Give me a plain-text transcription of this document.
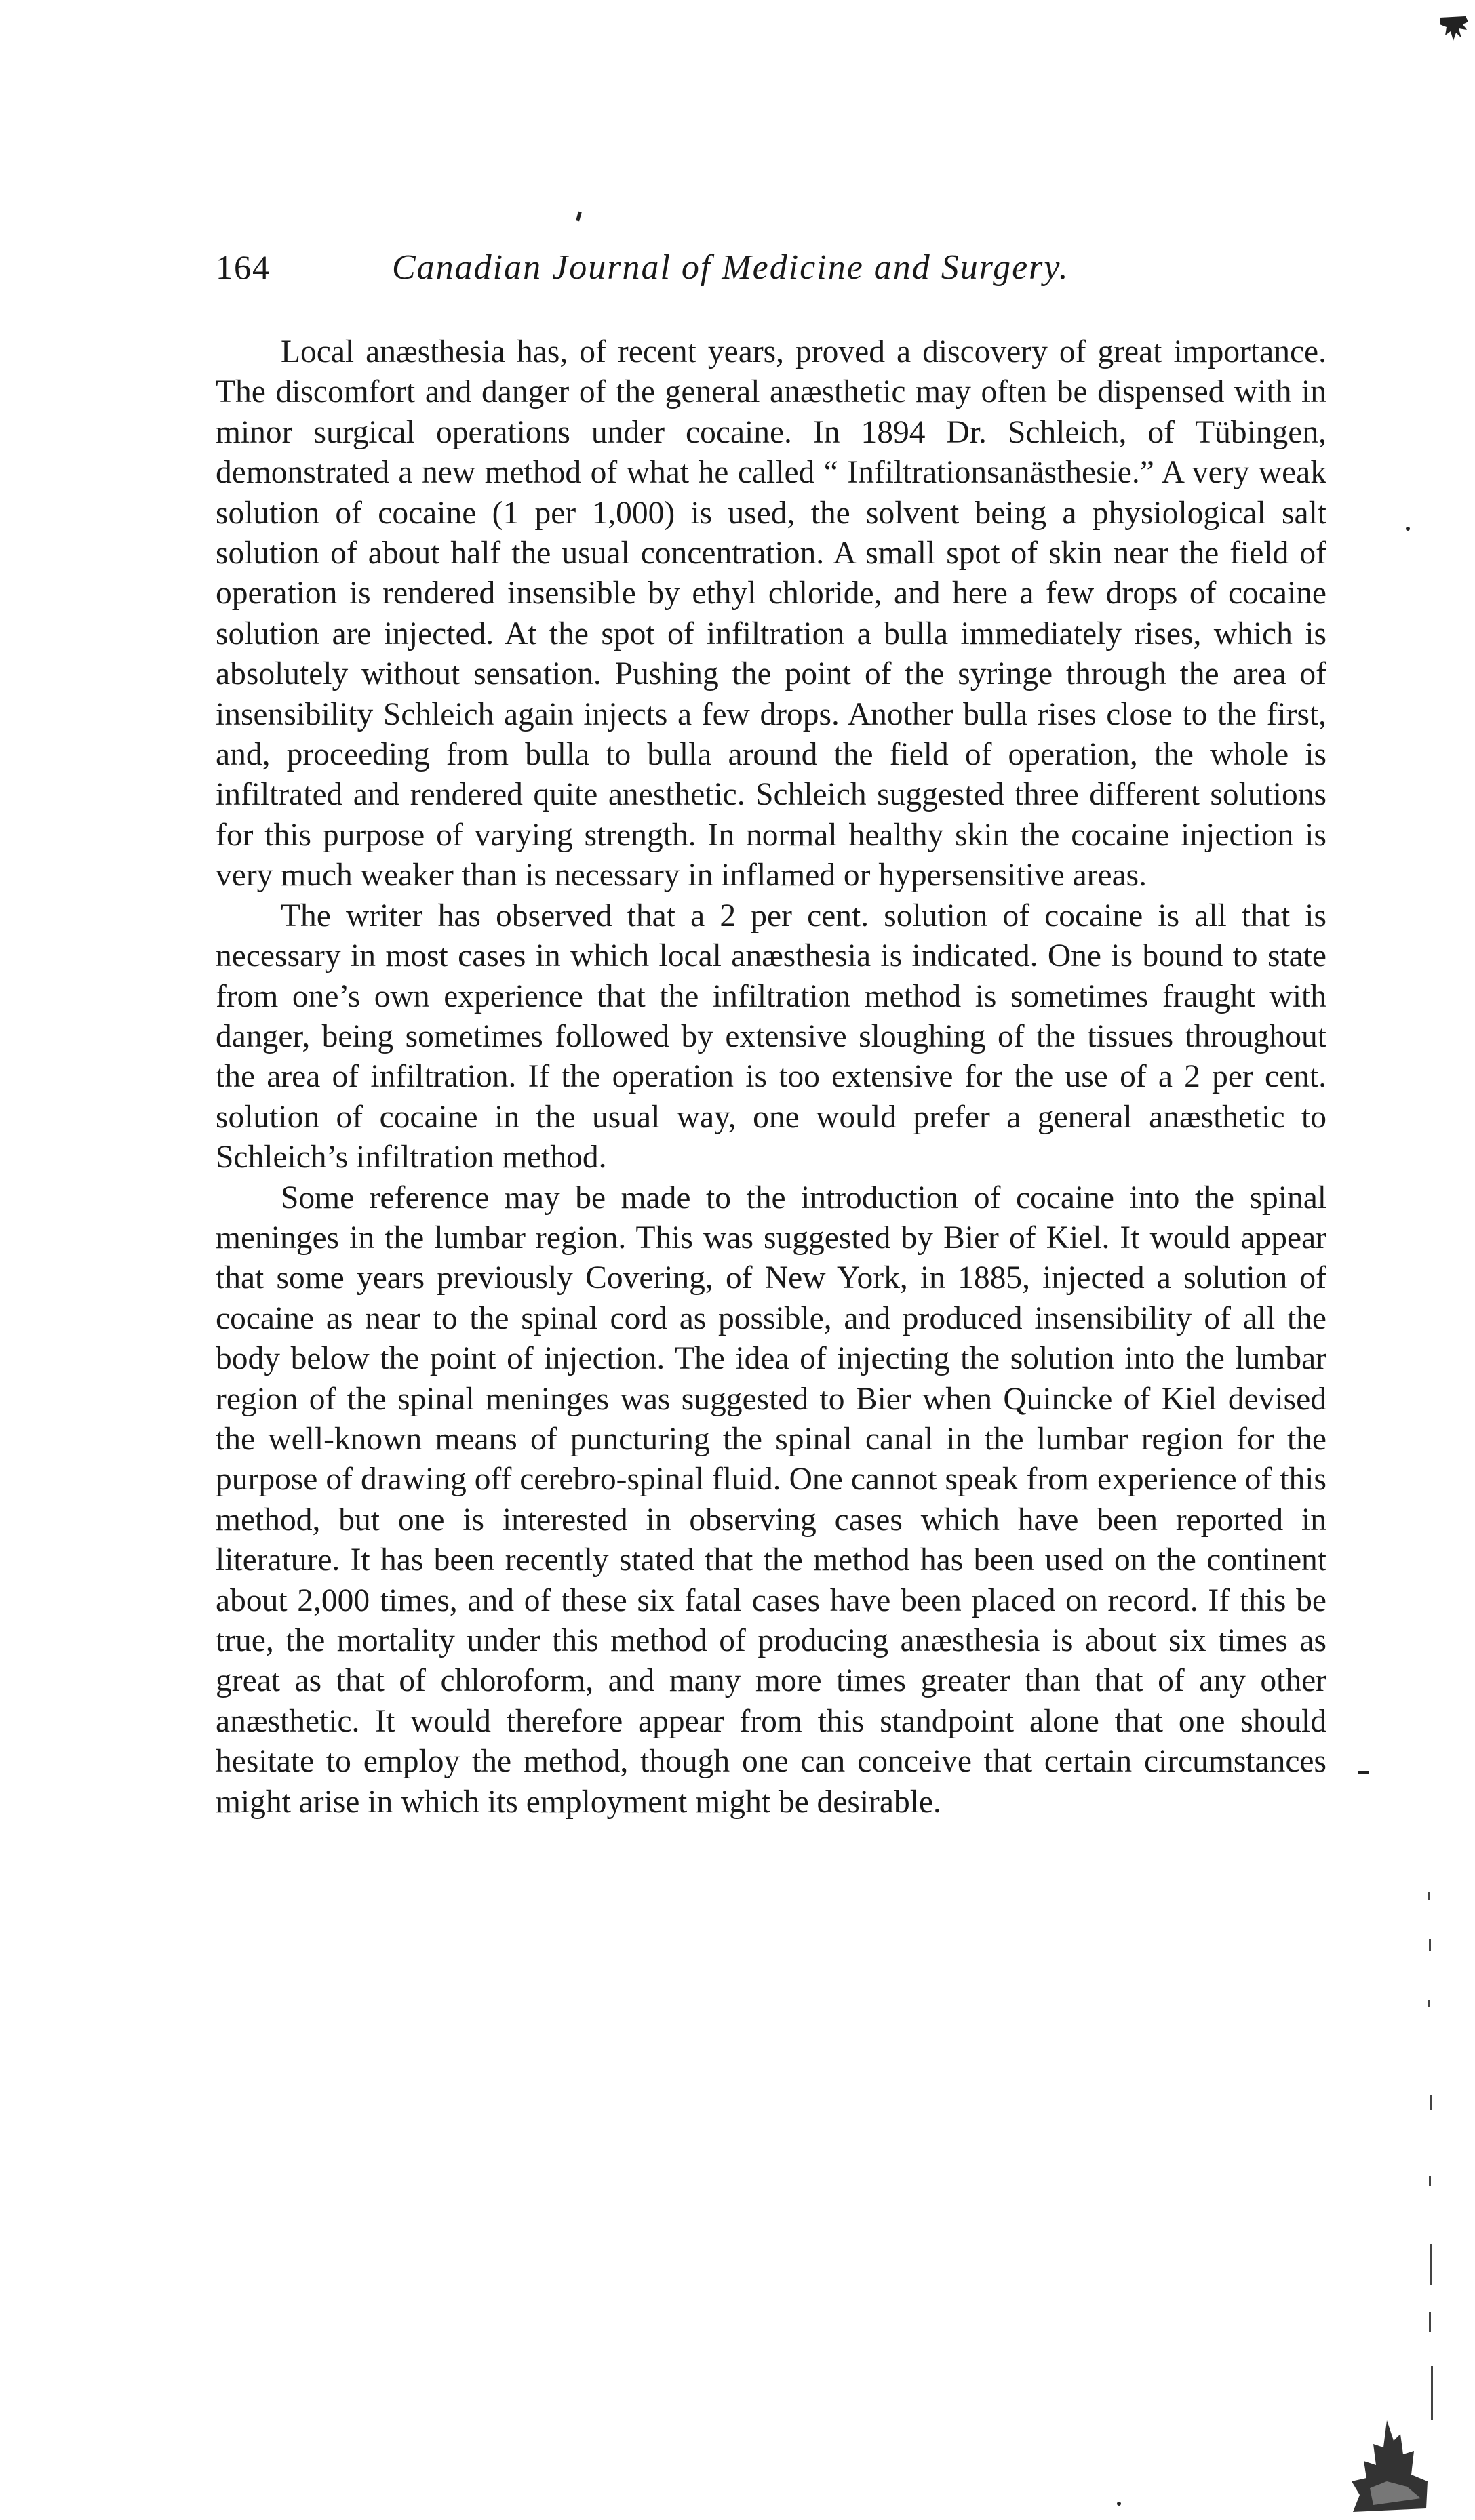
164	Canadian Journal of Medicine and Surgery.

Local anæsthesia has, of recent years, proved a discovery of great importance. The discomfort and danger of the general anæsthetic may often be dispensed with in minor surgical operations under cocaine. In 1894 Dr. Schleich, of Tübingen, demonstrated a new method of what he called “ Infiltrationsanästhesie.” A very weak solution of cocaine (1 per 1,000) is used, the solvent being a physiological salt solution of about half the usual concentration. A small spot of skin near the field of operation is rendered insensible by ethyl chloride, and here a few drops of cocaine solution are injected. At the spot of infiltration a bulla immediately rises, which is absolutely without sensation. Pushing the point of the syringe through the area of insensibility Schleich again injects a few drops. Another bulla rises close to the first, and, proceeding from bulla to bulla around the field of operation, the whole is infiltrated and rendered quite anesthetic. Schleich suggested three different solutions for this purpose of varying strength. In normal healthy skin the cocaine injection is very much weaker than is necessary in inflamed or hypersensitive areas.

The writer has observed that a 2 per cent. solution of cocaine is all that is necessary in most cases in which local anæsthesia is indicated. One is bound to state from one’s own experience that the infiltration method is sometimes fraught with danger, being sometimes followed by extensive sloughing of the tissues throughout the area of infiltration. If the operation is too extensive for the use of a 2 per cent. solution of cocaine in the usual way, one would prefer a general anæsthetic to Schleich’s infiltration method.

Some reference may be made to the introduction of cocaine into the spinal meninges in the lumbar region. This was suggested by Bier of Kiel. It would appear that some years previously Covering, of New York, in 1885, injected a solution of cocaine as near to the spinal cord as possible, and produced insensibility of all the body below the point of injection. The idea of injecting the solution into the lumbar region of the spinal meninges was suggested to Bier when Quincke of Kiel devised the well-known means of puncturing the spinal canal in the lumbar region for the purpose of drawing off cerebro-spinal fluid. One cannot speak from experience of this method, but one is interested in observing cases which have been reported in literature. It has been recently stated that the method has been used on the continent about 2,000 times, and of these six fatal cases have been placed on record. If this be true, the mortality under this method of producing anæsthesia is about six times as great as that of chloroform, and many more times greater than that of any other anæsthetic. It would therefore appear from this standpoint alone that one should hesitate to employ the method, though one can conceive that certain circumstances might arise in which its employment might be desirable.
